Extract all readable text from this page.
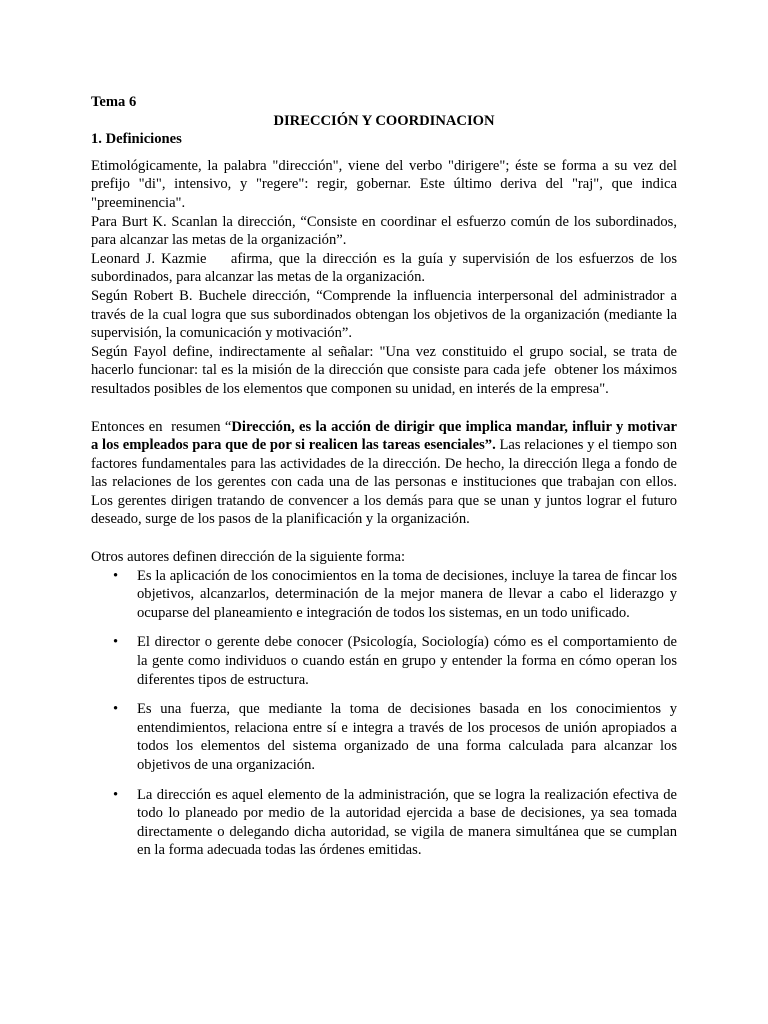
Tema 6
DIRECCIÓN Y COORDINACION
1. Definiciones

Etimológicamente, la palabra "dirección", viene del verbo "dirigere"; éste se forma a su vez del prefijo "di", intensivo, y "regere": regir, gobernar. Este último deriva del "raj", que indica "preeminencia".

Para Burt K. Scanlan la dirección, “Consiste en coordinar el esfuerzo común de los subordinados, para alcanzar las metas de la organización”.

Leonard J. Kazmie    afirma, que la dirección es la guía y supervisión de los esfuerzos de los subordinados, para alcanzar las metas de la organización.

Según Robert B. Buchele dirección, “Comprende la influencia interpersonal del administrador a través de la cual logra que sus subordinados obtengan los objetivos de la organización (mediante la supervisión, la comunicación y motivación”.

Según Fayol define, indirectamente al señalar: "Una vez constituido el grupo social, se trata de hacerlo funcionar: tal es la misión de la dirección que consiste para cada jefe  obtener los máximos resultados posibles de los elementos que componen su unidad, en interés de la empresa".

Entonces en  resumen “Dirección, es la acción de dirigir que implica mandar, influir y motivar a los empleados para que de por si realicen las tareas esenciales”. Las relaciones y el tiempo son factores fundamentales para las actividades de la dirección. De hecho, la dirección llega a fondo de las relaciones de los gerentes con cada una de las personas e instituciones que trabajan con ellos. Los gerentes dirigen tratando de convencer a los demás para que se unan y juntos lograr el futuro deseado, surge de los pasos de la planificación y la organización.

Otros autores definen dirección de la siguiente forma:
• Es la aplicación de los conocimientos en la toma de decisiones, incluye la tarea de fincar los objetivos, alcanzarlos, determinación de la mejor manera de llevar a cabo el liderazgo y ocuparse del planeamiento e integración de todos los sistemas, en un todo unificado.
• El director o gerente debe conocer (Psicología, Sociología) cómo es el comportamiento de la gente como individuos o cuando están en grupo y entender la forma en cómo operan los diferentes tipos de estructura.
• Es una fuerza, que mediante la toma de decisiones basada en los conocimientos y entendimientos, relaciona entre sí e integra a través de los procesos de unión apropiados a todos los elementos del sistema organizado de una forma calculada para alcanzar los objetivos de una organización.
• La dirección es aquel elemento de la administración, que se logra la realización efectiva de todo lo planeado por medio de la autoridad ejercida a base de decisiones, ya sea tomada directamente o delegando dicha autoridad, se vigila de manera simultánea que se cumplan en la forma adecuada todas las órdenes emitidas.
